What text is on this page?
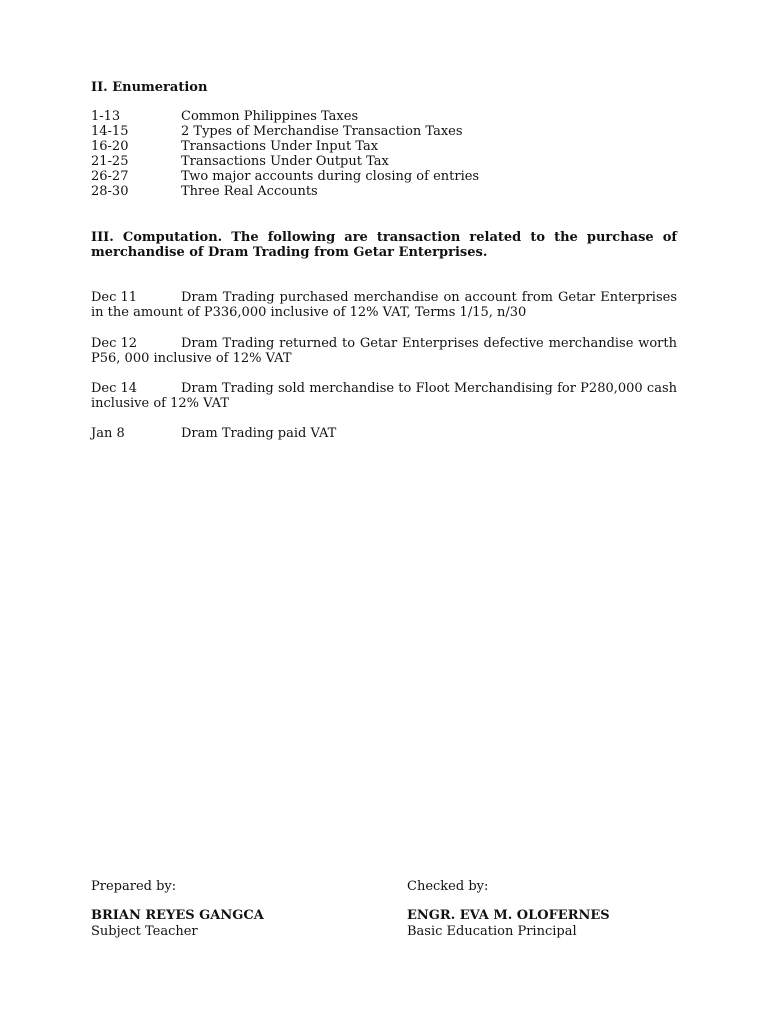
II. Enumeration

1-13	Common Philippines Taxes
14-15	2 Types of Merchandise Transaction Taxes
16-20	Transactions Under Input Tax
21-25	Transactions Under Output Tax
26-27	Two major accounts during closing of entries
28-30	Three Real Accounts

III. Computation. The following are transaction related to the purchase of merchandise of Dram Trading from Getar Enterprises.

Dec 11	Dram Trading purchased merchandise on account from Getar Enterprises in the amount of P336,000 inclusive of 12% VAT, Terms 1/15, n/30

Dec 12	Dram Trading returned to Getar Enterprises defective merchandise worth P56, 000 inclusive of 12% VAT

Dec 14	Dram Trading sold merchandise to Floot Merchandising for P280,000 cash inclusive of 12% VAT

Jan 8	Dram Trading paid VAT

Prepared by:
BRIAN REYES GANGCA
Subject Teacher
Checked by:
ENGR. EVA M. OLOFERNES
Basic Education Principal
